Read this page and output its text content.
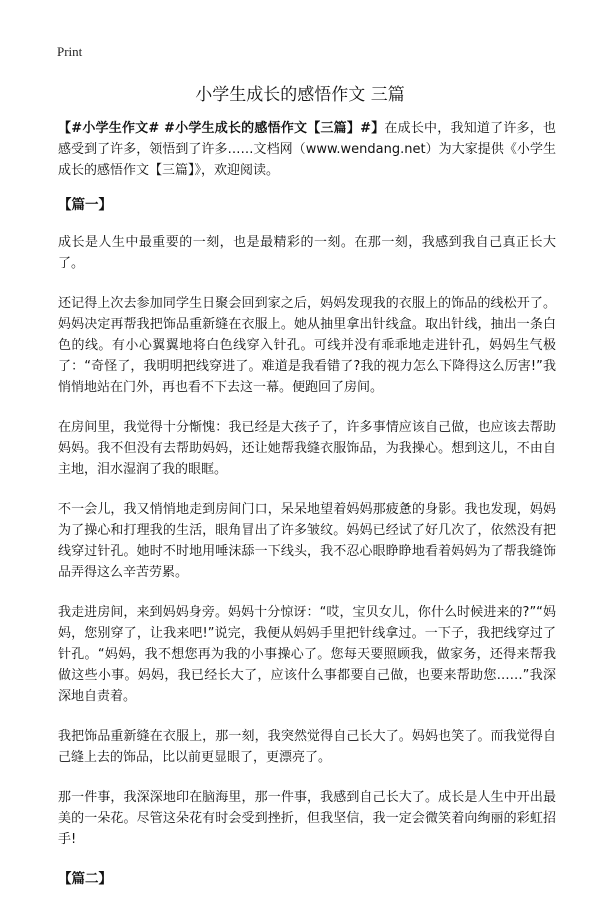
Print
小学生成长的感悟作文 三篇

【#小学生作文# #小学生成长的感悟作文【三篇】#】在成长中，我知道了许多，也感受到了许多，领悟到了许多……文档网（www.wendang.net）为大家提供《小学生成长的感悟作文【三篇】》，欢迎阅读。

【篇一】

成长是人生中最重要的一刻，也是最精彩的一刻。在那一刻，我感到我自己真正长大了。

还记得上次去参加同学生日聚会回到家之后，妈妈发现我的衣服上的饰品的线松开了。妈妈决定再帮我把饰品重新缝在衣服上。她从抽里拿出针线盒。取出针线，抽出一条白色的线。有小心翼翼地将白色线穿入针孔。可线并没有乖乖地走进针孔，妈妈生气极了：“奇怪了，我明明把线穿进了。难道是我看错了?我的视力怎么下降得这么厉害!”我悄悄地站在门外，再也看不下去这一幕。便跑回了房间。

在房间里，我觉得十分惭愧：我已经是大孩子了，许多事情应该自己做，也应该去帮助妈妈。我不但没有去帮助妈妈，还让她帮我缝衣服饰品，为我操心。想到这儿，不由自主地，泪水湿润了我的眼眶。

不一会儿，我又悄悄地走到房间门口，呆呆地望着妈妈那疲惫的身影。我也发现，妈妈为了操心和打理我的生活，眼角冒出了许多皱纹。妈妈已经试了好几次了，依然没有把线穿过针孔。她时不时地用唾沫舔一下线头，我不忍心眼睁睁地看着妈妈为了帮我缝饰品弄得这么辛苦劳累。

我走进房间，来到妈妈身旁。妈妈十分惊讶：“哎，宝贝女儿，你什么时候进来的?”“妈妈，您别穿了，让我来吧!”说完，我便从妈妈手里把针线拿过。一下子，我把线穿过了针孔。“妈妈，我不想您再为我的小事操心了。您每天要照顾我，做家务，还得来帮我做这些小事。妈妈，我已经长大了，应该什么事都要自己做，也要来帮助您……”我深深地自责着。

我把饰品重新缝在衣服上，那一刻，我突然觉得自己长大了。妈妈也笑了。而我觉得自己缝上去的饰品，比以前更显眼了，更漂亮了。

那一件事，我深深地印在脑海里，那一件事，我感到自己长大了。成长是人生中开出最美的一朵花。尽管这朵花有时会受到挫折，但我坚信，我一定会微笑着向绚丽的彩虹招手!

【篇二】
